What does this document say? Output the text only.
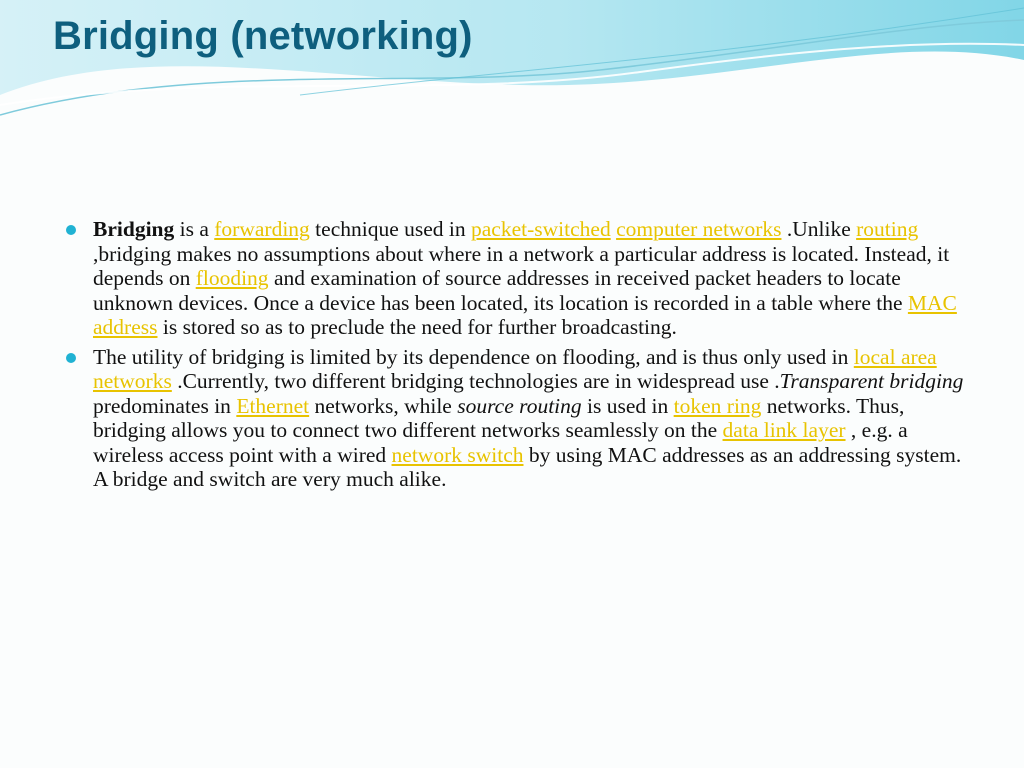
Bridging (networking)
Bridging is a forwarding technique used in packet-switched computer networks .Unlike routing ,bridging makes no assumptions about where in a network a particular address is located. Instead, it depends on flooding and examination of source addresses in received packet headers to locate unknown devices. Once a device has been located, its location is recorded in a table where the MAC address is stored so as to preclude the need for further broadcasting.
The utility of bridging is limited by its dependence on flooding, and is thus only used in local area networks .Currently, two different bridging technologies are in widespread use .Transparent bridging predominates in Ethernet networks, while source routing is used in token ring networks. Thus, bridging allows you to connect two different networks seamlessly on the data link layer , e.g. a wireless access point with a wired network switch by using MAC addresses as an addressing system. A bridge and switch are very much alike.
